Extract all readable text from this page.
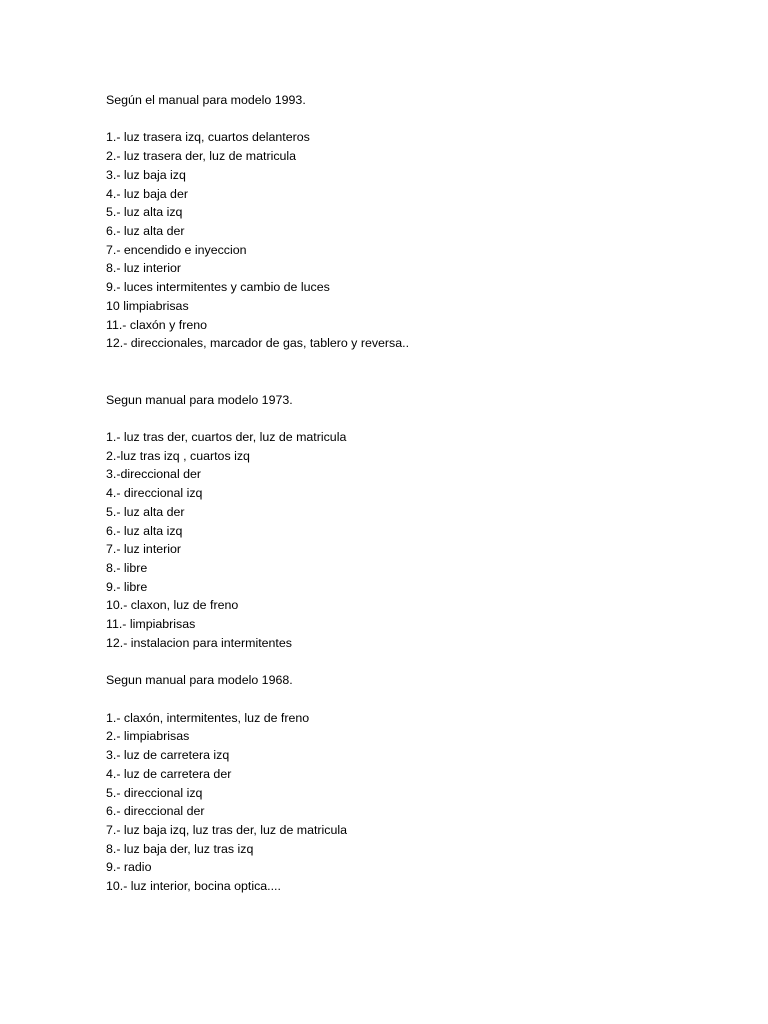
Según el manual para modelo 1993.
1.- luz trasera izq, cuartos delanteros
2.- luz trasera der, luz de matricula
3.- luz baja izq
4.- luz baja der
5.- luz alta izq
6.- luz alta der
7.- encendido e inyeccion
8.- luz interior
9.- luces intermitentes y cambio de luces
10 limpiabrisas
11.- claxón y freno
12.- direccionales, marcador de gas, tablero y reversa..
Segun manual para modelo 1973.
1.- luz tras der, cuartos der, luz de matricula
2.-luz tras izq , cuartos izq
3.-direccional der
4.- direccional izq
5.- luz alta der
6.- luz alta izq
7.- luz interior
8.- libre
9.- libre
10.- claxon, luz de freno
11.- limpiabrisas
12.- instalacion para intermitentes
Segun manual para modelo 1968.
1.- claxón, intermitentes, luz de freno
2.- limpiabrisas
3.- luz de carretera izq
4.- luz de carretera der
5.- direccional izq
6.- direccional der
7.- luz baja izq, luz tras der, luz de matricula
8.- luz baja der, luz tras izq
9.- radio
10.- luz interior, bocina optica....
